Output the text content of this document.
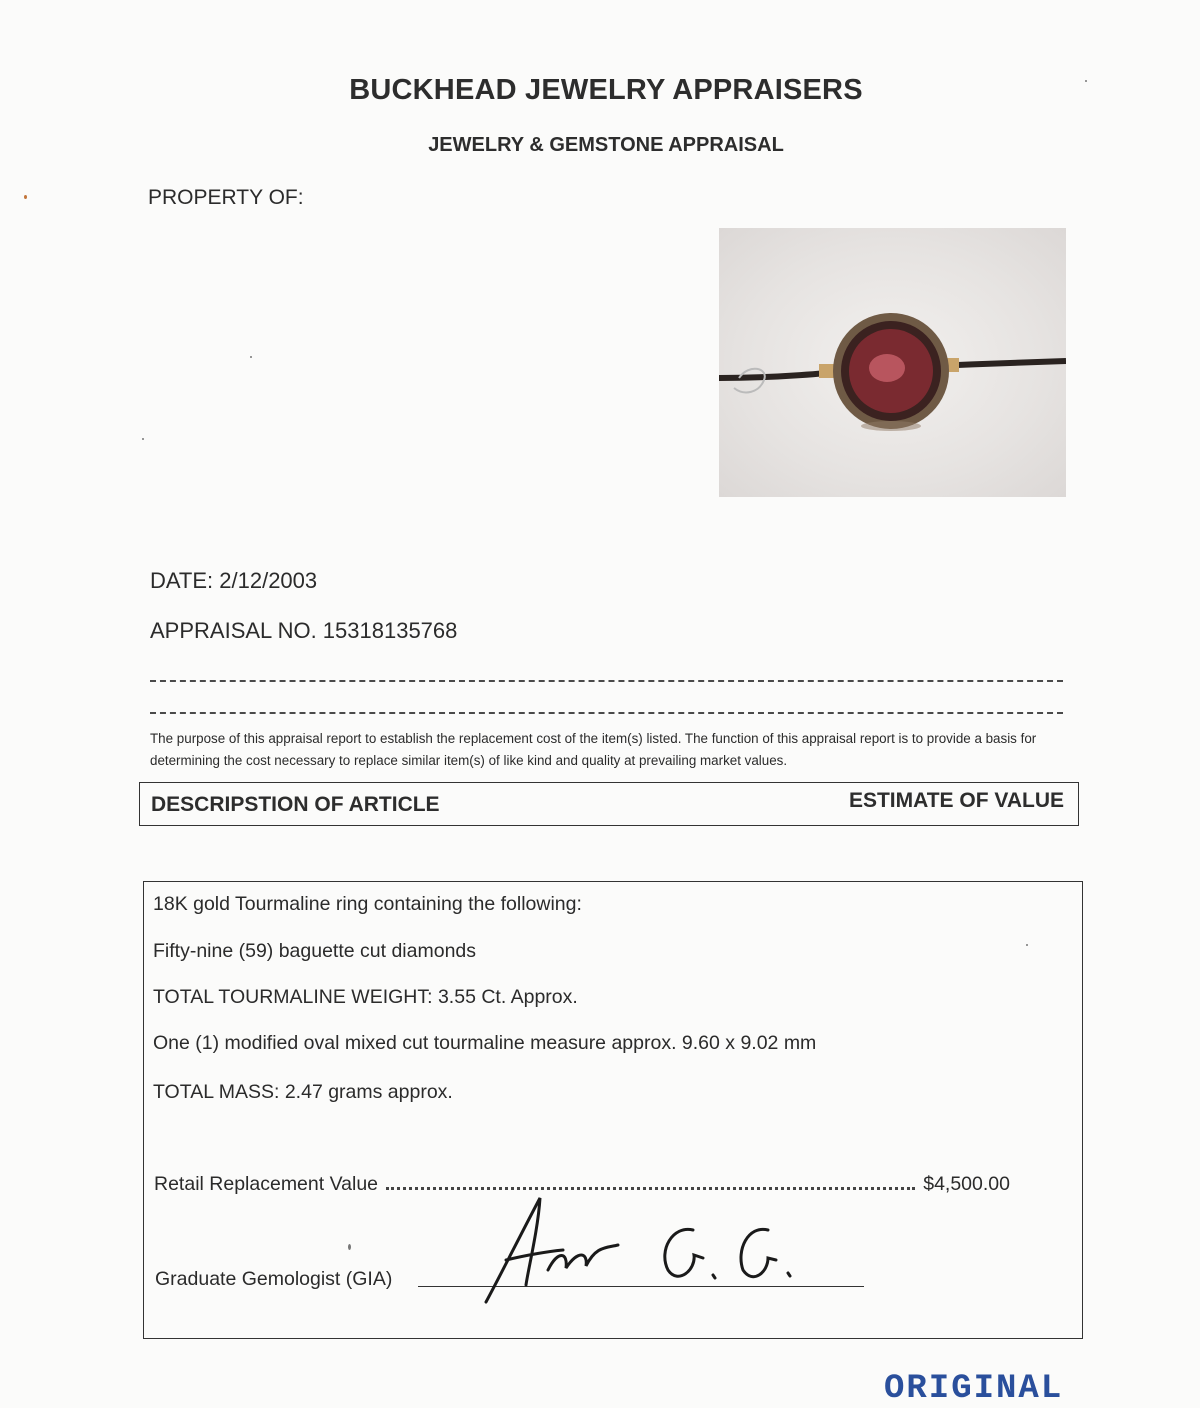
BUCKHEAD JEWELRY APPRAISERS
JEWELRY & GEMSTONE APPRAISAL
PROPERTY OF:
DATE: 2/12/2003
APPRAISAL NO. 15318135768
The purpose of this appraisal report to establish the replacement cost of the item(s) listed. The function of this appraisal report is to provide a basis for determining the cost necessary to replace similar item(s) of like kind and quality at prevailing market values.
DESCRIPSTION OF ARTICLE	ESTIMATE OF VALUE
18K gold Tourmaline ring containing the following:
Fifty-nine (59) baguette cut diamonds
TOTAL TOURMALINE WEIGHT: 3.55 Ct. Approx.
One (1) modified oval mixed cut tourmaline measure approx. 9.60 x 9.02 mm
TOTAL MASS: 2.47 grams approx.
Retail Replacement Value	$4,500.00
Graduate Gemologist (GIA)
ORIGINAL
